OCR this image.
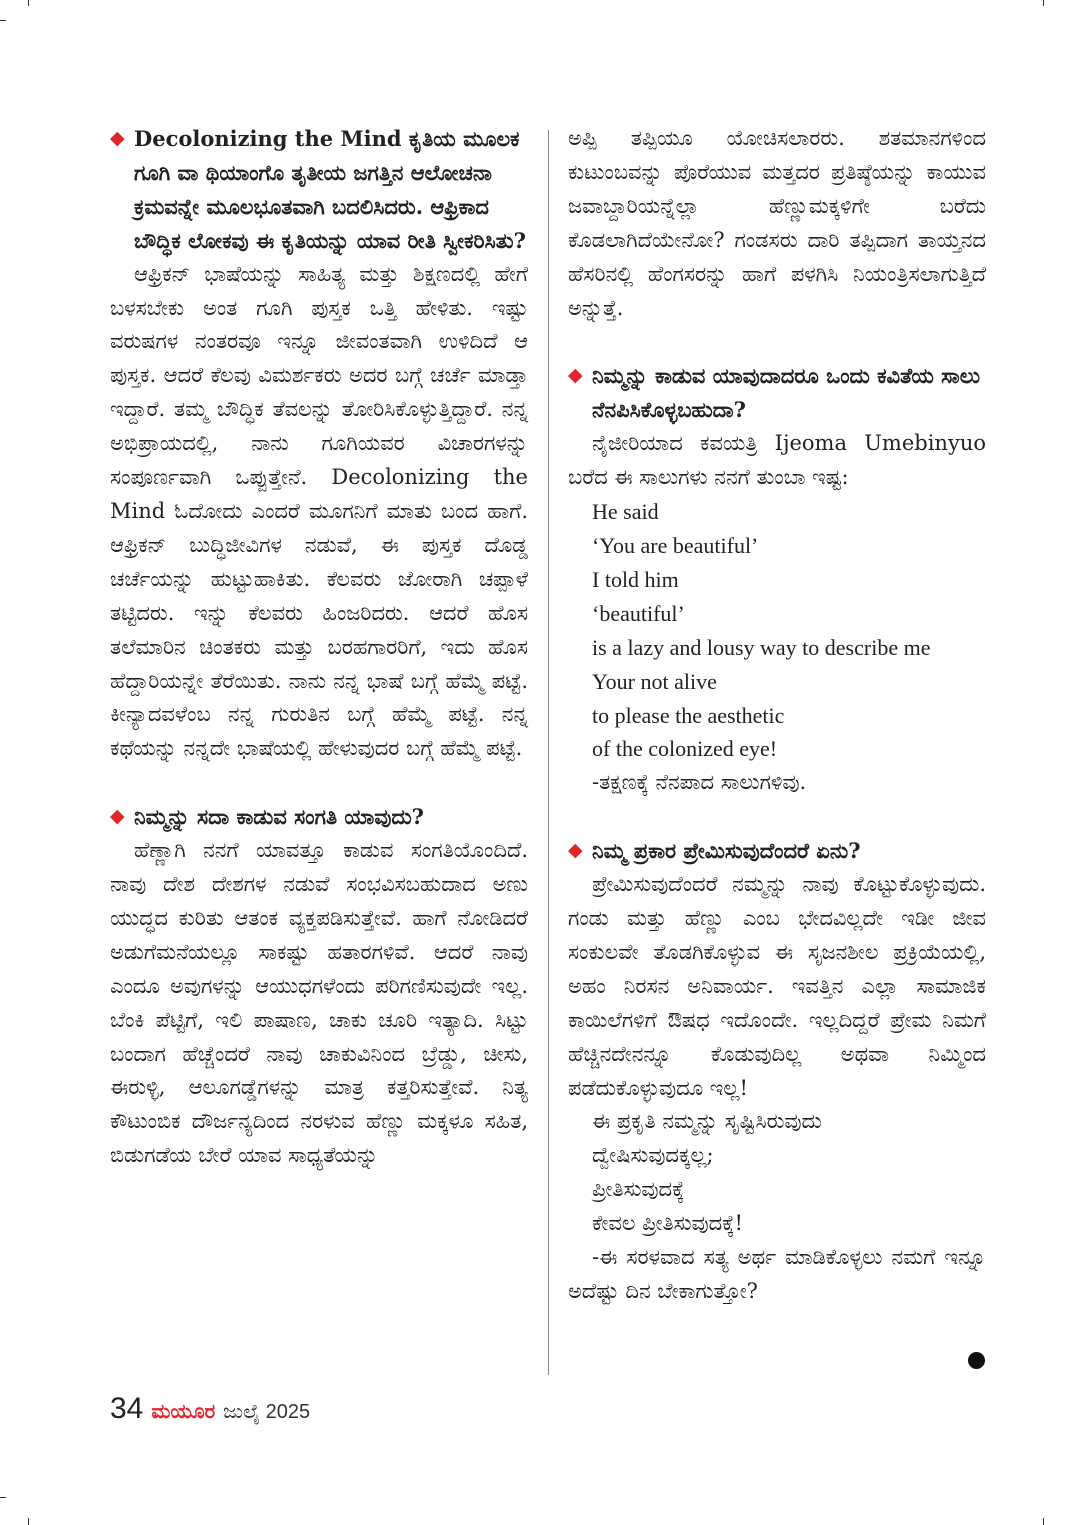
◆ Decolonizing the Mind ಕೃತಿಯ ಮೂಲಕ ಗೂಗಿ ವಾ ಥಿಯಾಂಗೊ ತೃತೀಯ ಜಗತ್ತಿನ ಆಲೋಚನಾ ಕ್ರಮವನ್ನೇ ಮೂಲಭೂತವಾಗಿ ಬದಲಿಸಿದರು. ಆಫ್ರಿಕಾದ ಬೌದ್ಧಿಕ ಲೋಕವು ಈ ಕೃತಿಯನ್ನು ಯಾವ ರೀತಿ ಸ್ವೀಕರಿಸಿತು?

ಆಫ್ರಿಕನ್ ಭಾಷೆಯನ್ನು ಸಾಹಿತ್ಯ ಮತ್ತು ಶಿಕ್ಷಣದಲ್ಲಿ ಹೇಗೆ ಬಳಸಬೇಕು ಅಂತ ಗೂಗಿ ಪುಸ್ತಕ ಒತ್ತಿ ಹೇಳಿತು. ಇಷ್ಟು ವರುಷಗಳ ನಂತರವೂ ಇನ್ನೂ ಜೀವಂತವಾಗಿ ಉಳಿದಿದೆ ಆ ಪುಸ್ತಕ. ಆದರೆ ಕೆಲವು ವಿಮರ್ಶಕರು ಅದರ ಬಗ್ಗೆ ಚರ್ಚೆ ಮಾಡ್ತಾ ಇದ್ದಾರೆ. ತಮ್ಮ ಬೌದ್ಧಿಕ ತೆವಲನ್ನು ತೋರಿಸಿಕೊಳ್ಳುತ್ತಿದ್ದಾರೆ. ನನ್ನ ಅಭಿಪ್ರಾಯದಲ್ಲಿ, ನಾನು ಗೂಗಿಯವರ ವಿಚಾರಗಳನ್ನು ಸಂಪೂರ್ಣವಾಗಿ ಒಪ್ಪುತ್ತೇನೆ. Decolonizing the Mind ಓದೋದು ಎಂದರೆ ಮೂಗನಿಗೆ ಮಾತು ಬಂದ ಹಾಗೆ. ಆಫ್ರಿಕನ್ ಬುದ್ಧಿಜೀವಿಗಳ ನಡುವೆ, ಈ ಪುಸ್ತಕ ದೊಡ್ಡ ಚರ್ಚೆಯನ್ನು ಹುಟ್ಟುಹಾಕಿತು. ಕೆಲವರು ಜೋರಾಗಿ ಚಪ್ಪಾಳೆ ತಟ್ಟಿದರು. ಇನ್ನು ಕೆಲವರು ಹಿಂಜರಿದರು. ಆದರೆ ಹೊಸ ತಲೆಮಾರಿನ ಚಿಂತಕರು ಮತ್ತು ಬರಹಗಾರರಿಗೆ, ಇದು ಹೊಸ ಹೆದ್ದಾರಿಯನ್ನೇ ತೆರೆಯಿತು. ನಾನು ನನ್ನ ಭಾಷೆ ಬಗ್ಗೆ ಹೆಮ್ಮೆ ಪಟ್ಟೆ. ಕೀನ್ಯಾದವಳೆಂಬ ನನ್ನ ಗುರುತಿನ ಬಗ್ಗೆ ಹೆಮ್ಮೆ ಪಟ್ಟೆ. ನನ್ನ ಕಥೆಯನ್ನು ನನ್ನದೇ ಭಾಷೆಯಲ್ಲಿ ಹೇಳುವುದರ ಬಗ್ಗೆ ಹೆಮ್ಮೆ ಪಟ್ಟೆ.

◆ ನಿಮ್ಮನ್ನು ಸದಾ ಕಾಡುವ ಸಂಗತಿ ಯಾವುದು?

ಹೆಣ್ಣಾಗಿ ನನಗೆ ಯಾವತ್ತೂ ಕಾಡುವ ಸಂಗತಿಯೊಂದಿದೆ. ನಾವು ದೇಶ ದೇಶಗಳ ನಡುವೆ ಸಂಭವಿಸಬಹುದಾದ ಅಣು ಯುದ್ಧದ ಕುರಿತು ಆತಂಕ ವ್ಯಕ್ತಪಡಿಸುತ್ತೇವೆ. ಹಾಗೆ ನೋಡಿದರೆ ಅಡುಗೆಮನೆಯಲ್ಲೂ ಸಾಕಷ್ಟು ಹತಾರಗಳಿವೆ. ಆದರೆ ನಾವು ಎಂದೂ ಅವುಗಳನ್ನು ಆಯುಧಗಳೆಂದು ಪರಿಗಣಿಸುವುದೇ ಇಲ್ಲ. ಬೆಂಕಿ ಪೆಟ್ಟಿಗೆ, ಇಲಿ ಪಾಷಾಣ, ಚಾಕು ಚೂರಿ ಇತ್ಯಾದಿ. ಸಿಟ್ಟು ಬಂದಾಗ ಹೆಚ್ಚೆಂದರೆ ನಾವು ಚಾಕುವಿನಿಂದ ಬ್ರೆಡ್ಡು, ಚೀಸು, ಈರುಳ್ಳಿ, ಆಲೂಗಡ್ಡೆಗಳನ್ನು ಮಾತ್ರ ಕತ್ತರಿಸುತ್ತೇವೆ. ನಿತ್ಯ ಕೌಟುಂಬಿಕ ದೌರ್ಜನ್ಯದಿಂದ ನರಳುವ ಹೆಣ್ಣು ಮಕ್ಕಳೂ ಸಹಿತ, ಬಿಡುಗಡೆಯ ಬೇರೆ ಯಾವ ಸಾಧ್ಯತೆಯನ್ನು

ಅಪ್ಪಿ ತಪ್ಪಿಯೂ ಯೋಚಿಸಲಾರರು. ಶತಮಾನಗಳಿಂದ ಕುಟುಂಬವನ್ನು ಪೊರೆಯುವ ಮತ್ತದರ ಪ್ರತಿಷ್ಠೆಯನ್ನು ಕಾಯುವ ಜವಾಬ್ದಾರಿಯನ್ನೆಲ್ಲಾ ಹೆಣ್ಣುಮಕ್ಕಳಿಗೇ ಬರೆದು ಕೊಡಲಾಗಿದೆಯೇನೋ? ಗಂಡಸರು ದಾರಿ ತಪ್ಪಿದಾಗ ತಾಯ್ತನದ ಹೆಸರಿನಲ್ಲಿ ಹೆಂಗಸರನ್ನು ಹಾಗೆ ಪಳಗಿಸಿ ನಿಯಂತ್ರಿಸಲಾಗುತ್ತಿದೆ ಅನ್ನುತ್ತೆ.

◆ ನಿಮ್ಮನ್ನು ಕಾಡುವ ಯಾವುದಾದರೂ ಒಂದು ಕವಿತೆಯ ಸಾಲು ನೆನಪಿಸಿಕೊಳ್ಳಬಹುದಾ?

ನೈಜೀರಿಯಾದ ಕವಯತ್ರಿ Ijeoma Umebinyuo ಬರೆದ ಈ ಸಾಲುಗಳು ನನಗೆ ತುಂಬಾ ಇಷ್ಟ:

He said

‘You are beautiful’

I told him

‘beautiful’

is a lazy and lousy way to describe me

Your not alive

to please the aesthetic

of the colonized eye!

-ತಕ್ಷಣಕ್ಕೆ ನೆನಪಾದ ಸಾಲುಗಳಿವು.

◆ ನಿಮ್ಮ ಪ್ರಕಾರ ಪ್ರೇಮಿಸುವುದೆಂದರೆ ಏನು?

ಪ್ರೇಮಿಸುವುದೆಂದರೆ ನಮ್ಮನ್ನು ನಾವು ಕೊಟ್ಟುಕೊಳ್ಳುವುದು. ಗಂಡು ಮತ್ತು ಹೆಣ್ಣು ಎಂಬ ಭೇದವಿಲ್ಲದೇ ಇಡೀ ಜೀವ ಸಂಕುಲವೇ ತೊಡಗಿಕೊಳ್ಳುವ ಈ ಸೃಜನಶೀಲ ಪ್ರಕ್ರಿಯೆಯಲ್ಲಿ, ಅಹಂ ನಿರಸನ ಅನಿವಾರ್ಯ. ಇವತ್ತಿನ ಎಲ್ಲಾ ಸಾಮಾಜಿಕ ಕಾಯಿಲೆಗಳಿಗೆ ಔಷಧ ಇದೊಂದೇ. ಇಲ್ಲದಿದ್ದರೆ ಪ್ರೇಮ ನಿಮಗೆ ಹೆಚ್ಚಿನದೇನನ್ನೂ ಕೊಡುವುದಿಲ್ಲ ಅಥವಾ ನಿಮ್ಮಿಂದ ಪಡೆದುಕೊಳ್ಳುವುದೂ ಇಲ್ಲ!

ಈ ಪ್ರಕೃತಿ ನಮ್ಮನ್ನು ಸೃಷ್ಟಿಸಿರುವುದು

ದ್ವೇಷಿಸುವುದಕ್ಕಲ್ಲ;

ಪ್ರೀತಿಸುವುದಕ್ಕೆ

ಕೇವಲ ಪ್ರೀತಿಸುವುದಕ್ಕೆ!

-ಈ ಸರಳವಾದ ಸತ್ಯ ಅರ್ಥ ಮಾಡಿಕೊಳ್ಳಲು ನಮಗೆ ಇನ್ನೂ ಅದೆಷ್ಟು ದಿನ ಬೇಕಾಗುತ್ತೋ?

34 ಮಯೂರ ಜುಲೈ 2025
